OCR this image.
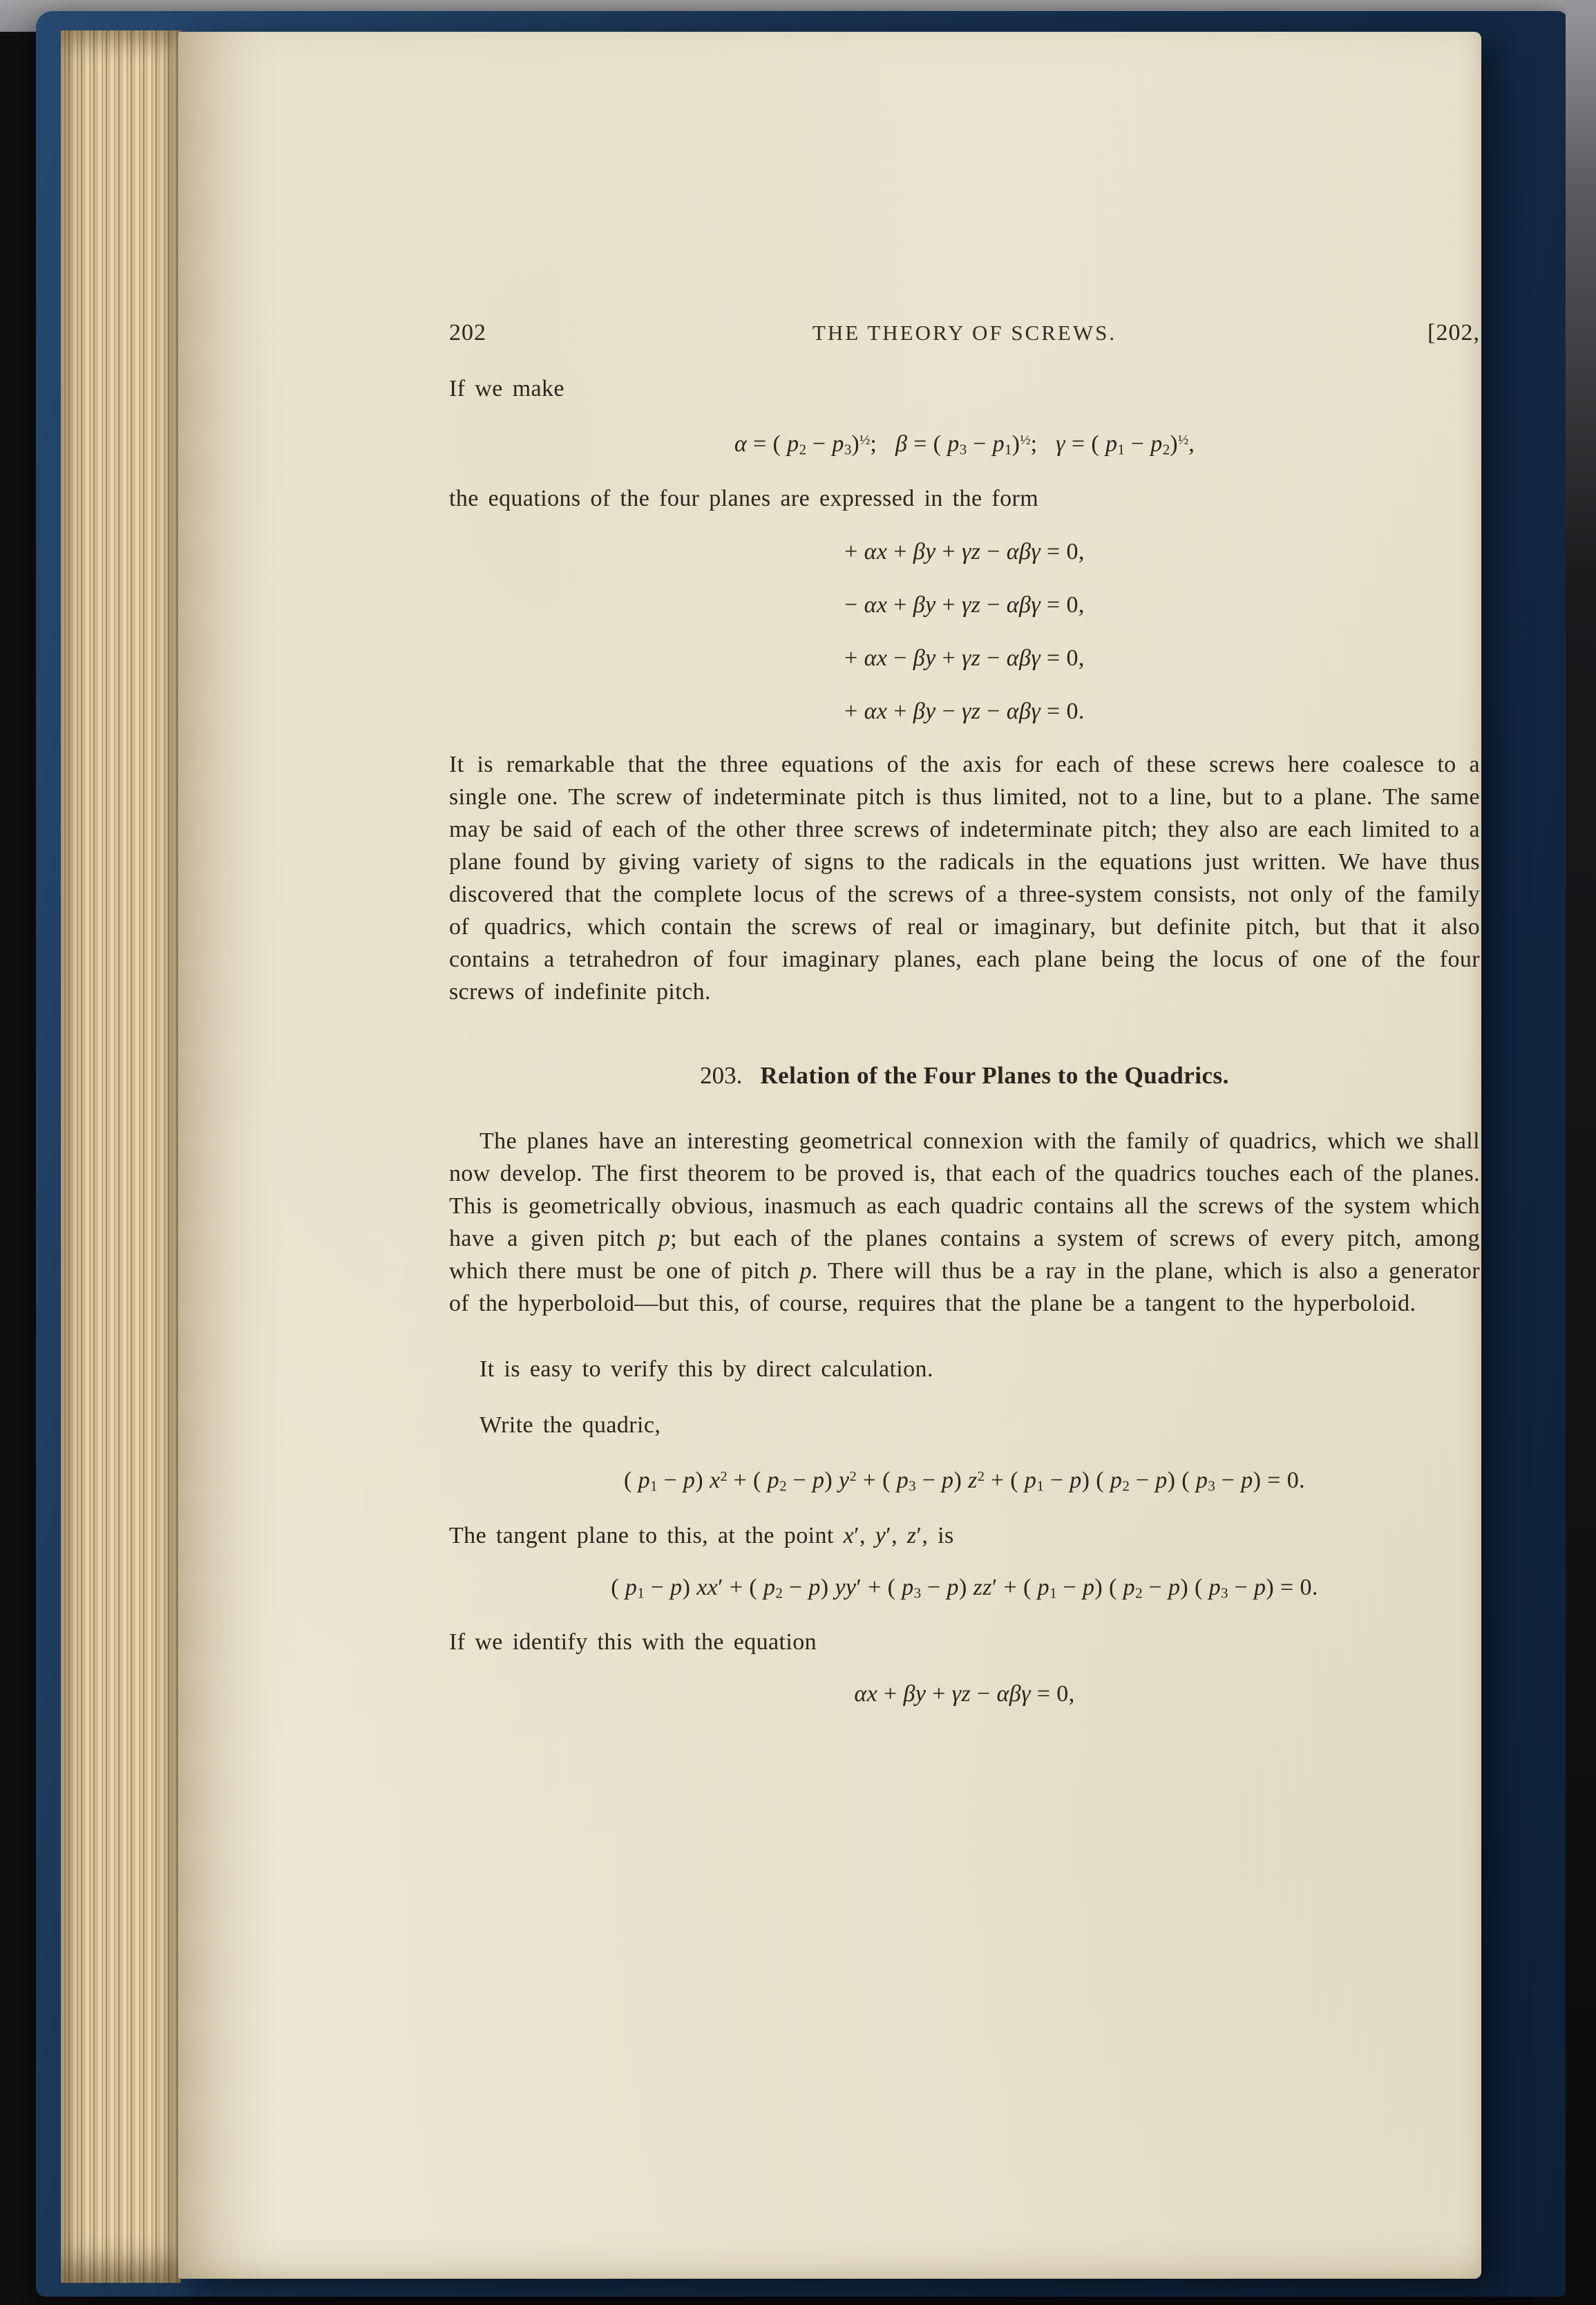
202	THE THEORY OF SCREWS.	[202,

If we make

α = ( $p_2 - p_3)^{\frac{1}{2}}$;   β = ( $p_3 - p_1)^{\frac{1}{2}}$;   γ = ( $p_1 - p_2)^{\frac{1}{2}}$,

the equations of the four planes are expressed in the form

+ αx + βy + γz − αβγ = 0,
− αx + βy + γz − αβγ = 0,
+ αx − βy + γz − αβγ = 0,
+ αx + βy − γz − αβγ = 0.

It is remarkable that the three equations of the axis for each of these screws here coalesce to a single one. The screw of indeterminate pitch is thus limited, not to a line, but to a plane. The same may be said of each of the other three screws of indeterminate pitch; they also are each limited to a plane found by giving variety of signs to the radicals in the equations just written. We have thus discovered that the complete locus of the screws of a three-system consists, not only of the family of quadrics, which contain the screws of real or imaginary, but definite pitch, but that it also contains a tetrahedron of four imaginary planes, each plane being the locus of one of the four screws of indefinite pitch.

203. Relation of the Four Planes to the Quadrics.

The planes have an interesting geometrical connexion with the family of quadrics, which we shall now develop. The first theorem to be proved is, that each of the quadrics touches each of the planes. This is geometrically obvious, inasmuch as each quadric contains all the screws of the system which have a given pitch p; but each of the planes contains a system of screws of every pitch, among which there must be one of pitch p. There will thus be a ray in the plane, which is also a generator of the hyperboloid—but this, of course, requires that the plane be a tangent to the hyperboloid.

It is easy to verify this by direct calculation.

Write the quadric,

( $p_1 - p$) $x^2$ + ( $p_2 - p$) $y^2$ + ( $p_3 - p$) $z^2$ + ( $p_1 - p$) ( $p_2 - p$) ( $p_3 - p) = 0$.

The tangent plane to this, at the point x′, y′, z′, is

( $p_1 - p$) xx′ + ( $p_2 - p$) yy′ + ( $p_3 - p$) zz′ + ( $p_1 - p$) ( $p_2 - p$) ( $p_3 - p) = 0$.

If we identify this with the equation

αx + βy + γz − αβγ = 0,
